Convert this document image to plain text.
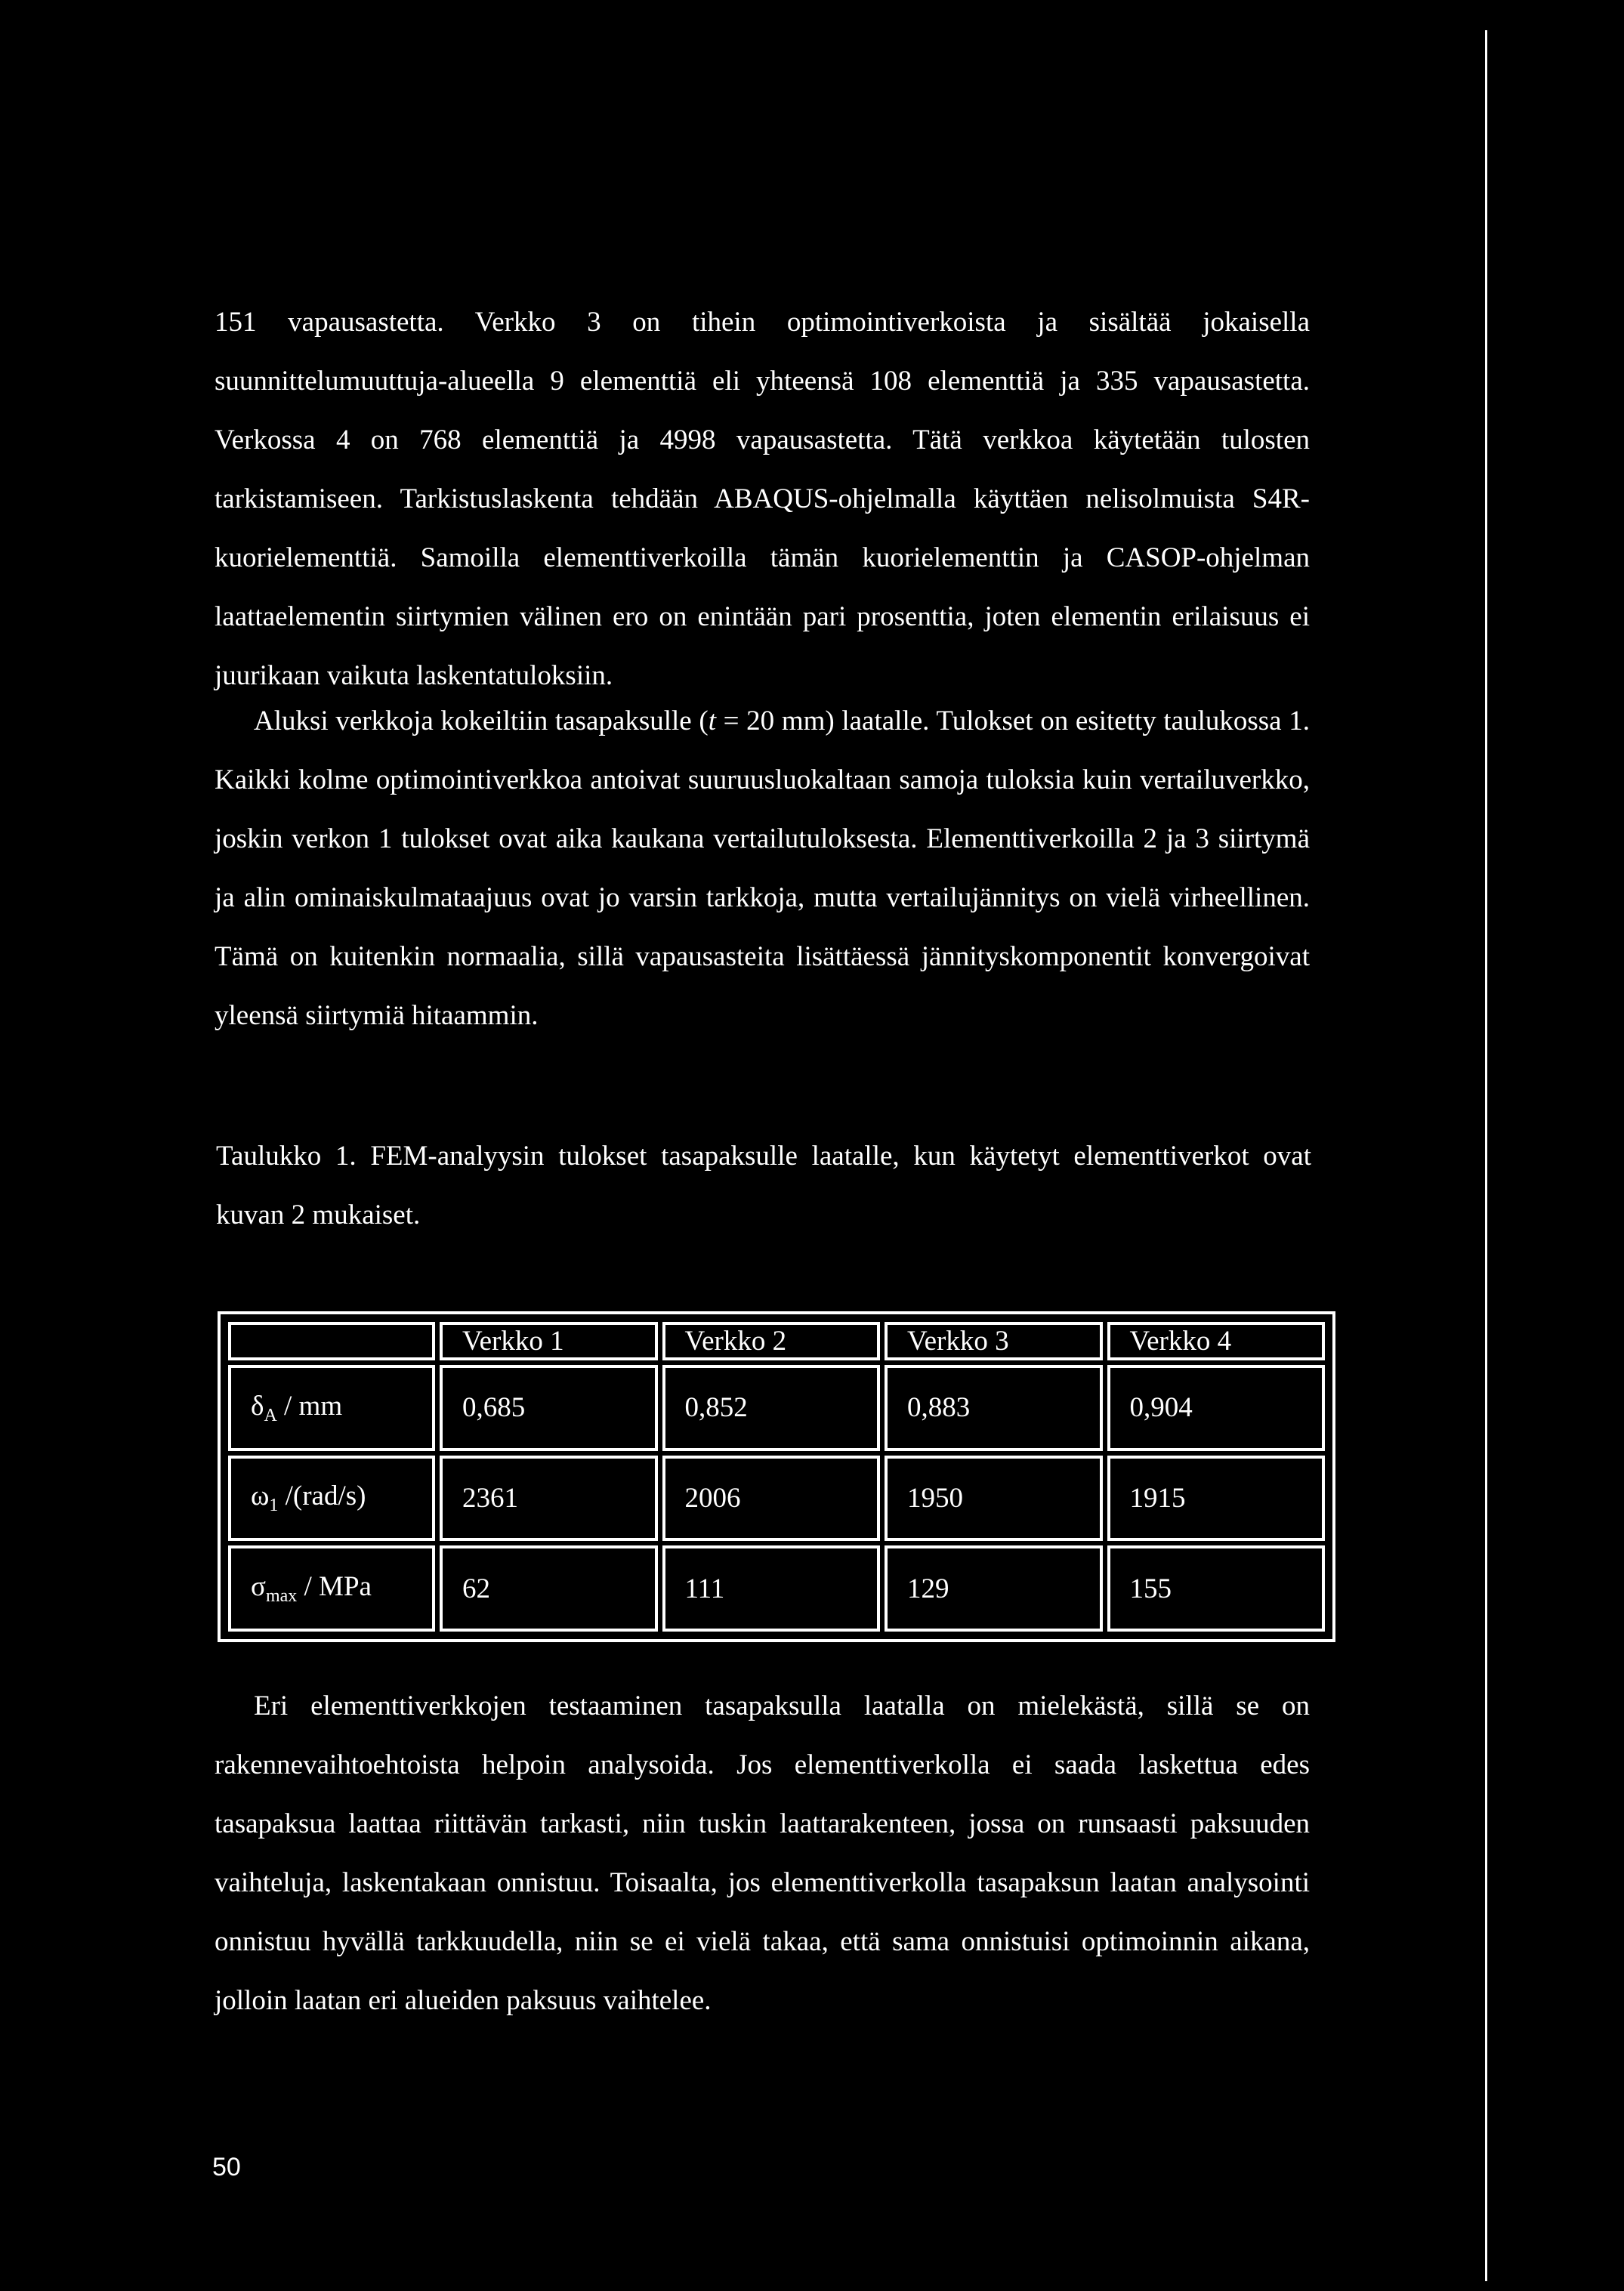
151 vapausastetta. Verkko 3 on tihein optimointiverkoista ja sisältää jokaisella suunnittelumuuttuja-alueella 9 elementtiä eli yhteensä 108 elementtiä ja 335 vapausastetta. Verkossa 4 on 768 elementtiä ja 4998 vapausastetta. Tätä verkkoa käytetään tulosten tarkistamiseen. Tarkistuslaskenta tehdään ABAQUS-ohjelmalla käyttäen nelisolmuista S4R-kuorielementtiä. Samoilla elementtiverkoilla tämän kuorielementtin ja CASOP-ohjelman laattaelementin siirtymien välinen ero on enintään pari prosenttia, joten elementin erilaisuus ei juurikaan vaikuta laskentatuloksiin.

Aluksi verkkoja kokeiltiin tasapaksulle (t = 20 mm) laatalle. Tulokset on esitetty taulukossa 1. Kaikki kolme optimointiverkkoa antoivat suuruusluokaltaan samoja tuloksia kuin vertailuverkko, joskin verkon 1 tulokset ovat aika kaukana vertailutuloksesta. Elementtiverkoilla 2 ja 3 siirtymä ja alin ominaiskulmataajuus ovat jo varsin tarkkoja, mutta vertailujännitys on vielä virheellinen. Tämä on kuitenkin normaalia, sillä vapausasteita lisättäessä jännityskomponentit konvergoivat yleensä siirtymiä hitaammin.

Taulukko 1. FEM-analyysin tulokset tasapaksulle laatalle, kun käytetyt elementtiverkot ovat kuvan 2 mukaiset.

	Verkko 1	Verkko 2	Verkko 3	Verkko 4
$\delta_A$ / mm	0,685	0,852	0,883	0,904
$\omega_1$ /(rad/s)	2361	2006	1950	1915
$\sigma_{max}$ / MPa	62	111	129	155

Eri elementtiverkkojen testaaminen tasapaksulla laatalla on mielekästä, sillä se on rakennevaihtoehtoista helpoin analysoida. Jos elementtiverkolla ei saada laskettua edes tasapaksua laattaa riittävän tarkasti, niin tuskin laattarakenteen, jossa on runsaasti paksuuden vaihteluja, laskentakaan onnistuu. Toisaalta, jos elementtiverkolla tasapaksun laatan analysointi onnistuu hyvällä tarkkuudella, niin se ei vielä takaa, että sama onnistuisi optimoinnin aikana, jolloin laatan eri alueiden paksuus vaihtelee.

50
